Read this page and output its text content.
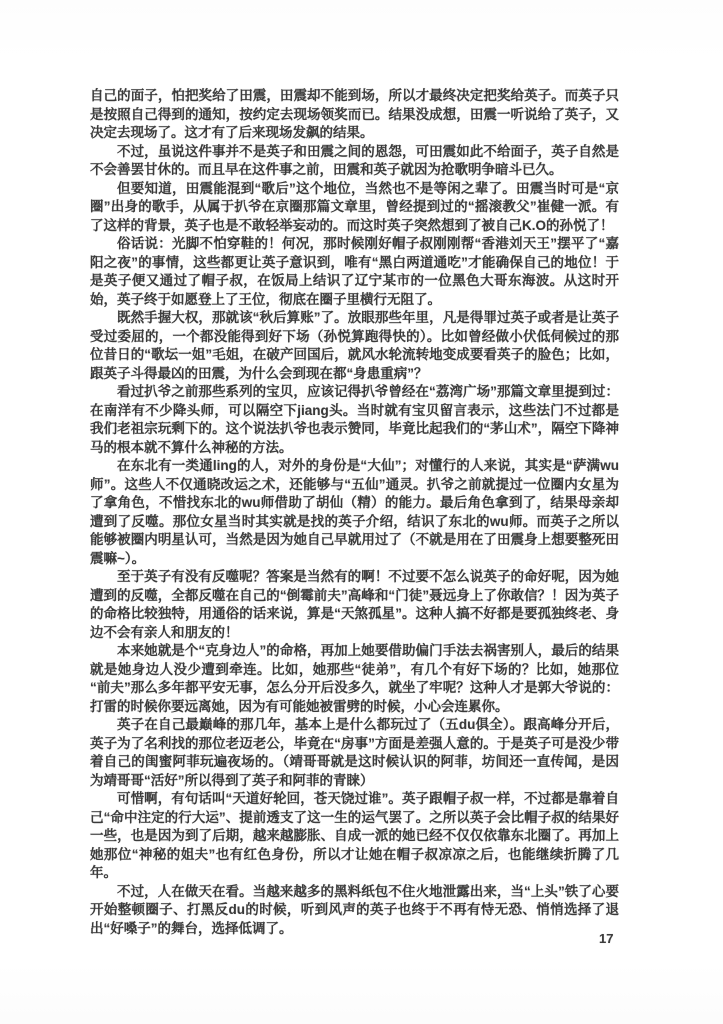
自己的面子，怕把奖给了田震，田震却不能到场，所以才最终决定把奖给英子。而英子只是按照自己得到的通知，按约定去现场领奖而已。结果没成想，田震一听说给了英子，又决定去现场了。这才有了后来现场发飙的结果。

不过，虽说这件事并不是英子和田震之间的恩怨，可田震如此不给面子，英子自然是不会善罢甘休的。而且早在这件事之前，田震和英子就因为抢歌明争暗斗已久。

但要知道，田震能混到“歌后”这个地位，当然也不是等闲之辈了。田震当时可是“京圈”出身的歌手，从属于扒爷在京圈那篇文章里，曾经提到过的“摇滚教父”崔健一派。有了这样的背景，英子也是不敢轻举妄动的。而这时英子突然想到了被自己K.O的孙悦了！

俗话说：光脚不怕穿鞋的！何况，那时候刚好帽子叔刚刚帮“香港刘天王”摆平了“嘉阳之夜”的事情，这些都更让英子意识到，唯有“黑白两道通吃”才能确保自己的地位！于是英子便又通过了帽子叔，在饭局上结识了辽宁某市的一位黑色大哥东海波。从这时开始，英子终于如愿登上了王位，彻底在圈子里横行无阻了。

既然手握大权，那就该“秋后算账”了。放眼那些年里，凡是得罪过英子或者是让英子受过委屈的，一个都没能得到好下场（孙悦算跑得快的）。比如曾经做小伏低伺候过的那位昔日的“歌坛一姐”毛姐，在破产回国后，就风水轮流转地变成要看英子的脸色；比如，跟英子斗得最凶的田震，为什么会到现在都“身患重病”？

看过扒爷之前那些系列的宝贝，应该记得扒爷曾经在“荔湾广场”那篇文章里提到过：在南洋有不少降头师，可以隔空下jiang头。当时就有宝贝留言表示，这些法门不过都是我们老祖宗玩剩下的。这个说法扒爷也表示赞同，毕竟比起我们的“茅山术”，隔空下降神马的根本就不算什么神秘的方法。

在东北有一类通ling的人，对外的身份是“大仙”；对懂行的人来说，其实是“萨满wu师”。这些人不仅通晓改运之术，还能够与“五仙”通灵。扒爷之前就提过一位圈内女星为了拿角色，不惜找东北的wu师借助了胡仙（精）的能力。最后角色拿到了，结果母亲却遭到了反噬。那位女星当时其实就是找的英子介绍，结识了东北的wu师。而英子之所以能够被圈内明星认可，当然是因为她自己早就用过了（不就是用在了田震身上想要整死田震嘛~）。

至于英子有没有反噬呢？答案是当然有的啊！不过要不怎么说英子的命好呢，因为她遭到的反噬，全都反噬在自己的“倒霉前夫”高峰和“门徒”聂远身上了你敢信？！因为英子的命格比较独特，用通俗的话来说，算是“天煞孤星”。这种人搞不好都是要孤独终老、身边不会有亲人和朋友的！

本来她就是个“克身边人”的命格，再加上她要借助偏门手法去祸害别人，最后的结果就是她身边人没少遭到牵连。比如，她那些“徒弟”，有几个有好下场的？比如，她那位“前夫”那么多年都平安无事，怎么分开后没多久，就坐了牢呢？这种人才是郭大爷说的：打雷的时候你要远离她，因为有可能她被雷劈的时候，小心会连累你。

英子在自己最巅峰的那几年，基本上是什么都玩过了（五du俱全）。跟高峰分开后，英子为了名利找的那位老迈老公，毕竟在“房事”方面是差强人意的。于是英子可是没少带着自己的闺蜜阿菲玩遍夜场的。（靖哥哥就是这时候认识的阿菲，坊间还一直传闻，是因为靖哥哥“活好”所以得到了英子和阿菲的青睐）

可惜啊，有句话叫“天道好轮回，苍天饶过谁”。英子跟帽子叔一样，不过都是靠着自己“命中注定的行大运”、提前透支了这一生的运气罢了。之所以英子会比帽子叔的结果好一些，也是因为到了后期，越来越膨胀、自成一派的她已经不仅仅依靠东北圈了。再加上她那位“神秘的姐夫”也有红色身份，所以才让她在帽子叔凉凉之后，也能继续折腾了几年。

不过，人在做天在看。当越来越多的黑料纸包不住火地泄露出来，当“上头”铁了心要开始整顿圈子、打黑反du的时候，听到风声的英子也终于不再有恃无恐、悄悄选择了退出“好嗓子”的舞台，选择低调了。

17
